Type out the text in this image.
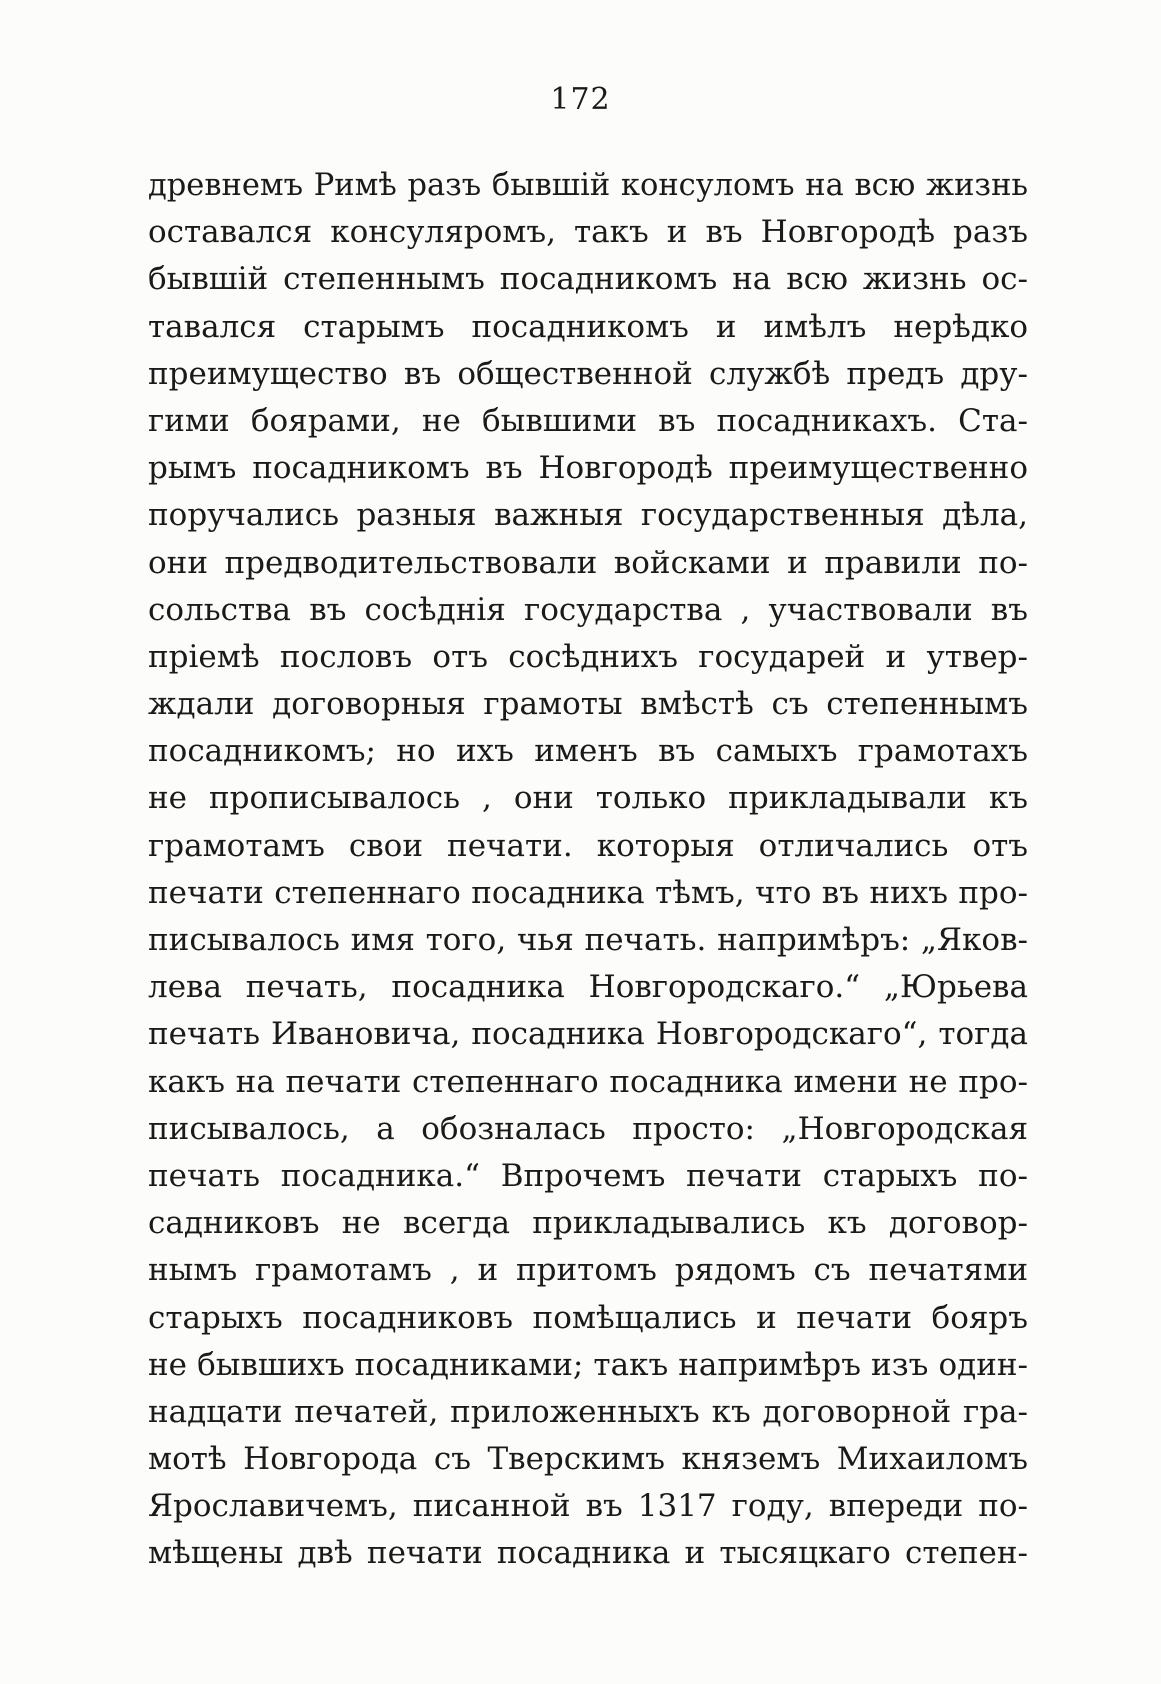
172
древнемъ Римѣ разъ бывшій консуломъ на всю жизнь
оставался консуляромъ, такъ и въ Новгородѣ разъ
бывшій степеннымъ посадникомъ на всю жизнь ос-
тавался старымъ посадникомъ и имѣлъ нерѣдко
преимущество въ общественной службѣ предъ дру-
гими боярами, не бывшими въ посадникахъ. Ста-
рымъ посадникомъ въ Новгородѣ преимущественно
поручались разныя важныя государственныя дѣла,
они предводительствовали войсками и правили по-
сольства въ сосѣднія государства , участвовали въ
пріемѣ пословъ отъ сосѣднихъ государей и утвер-
ждали договорныя грамоты вмѣстѣ съ степеннымъ
посадникомъ; но ихъ именъ въ самыхъ грамотахъ
не прописывалось , они только прикладывали къ
грамотамъ свои печати. которыя отличались отъ
печати степеннаго посадника тѣмъ, что въ нихъ про-
писывалось имя того, чья печать. напримѣръ: „Яков-
лева печать, посадника Новгородскаго.“ „Юрьева
печать Ивановича, посадника Новгородскаго“, тогда
какъ на печати степеннаго посадника имени не про-
писывалось, а обозналась просто: „Новгородская
печать посадника.“ Впрочемъ печати старыхъ по-
садниковъ не всегда прикладывались къ договор-
нымъ грамотамъ , и притомъ рядомъ съ печатями
старыхъ посадниковъ помѣщались и печати бояръ
не бывшихъ посадниками; такъ напримѣръ изъ один-
надцати печатей, приложенныхъ къ договорной гра-
мотѣ Новгорода съ Тверскимъ княземъ Михаиломъ
Ярославичемъ, писанной въ 1317 году, впереди по-
мѣщены двѣ печати посадника и тысяцкаго степен-
